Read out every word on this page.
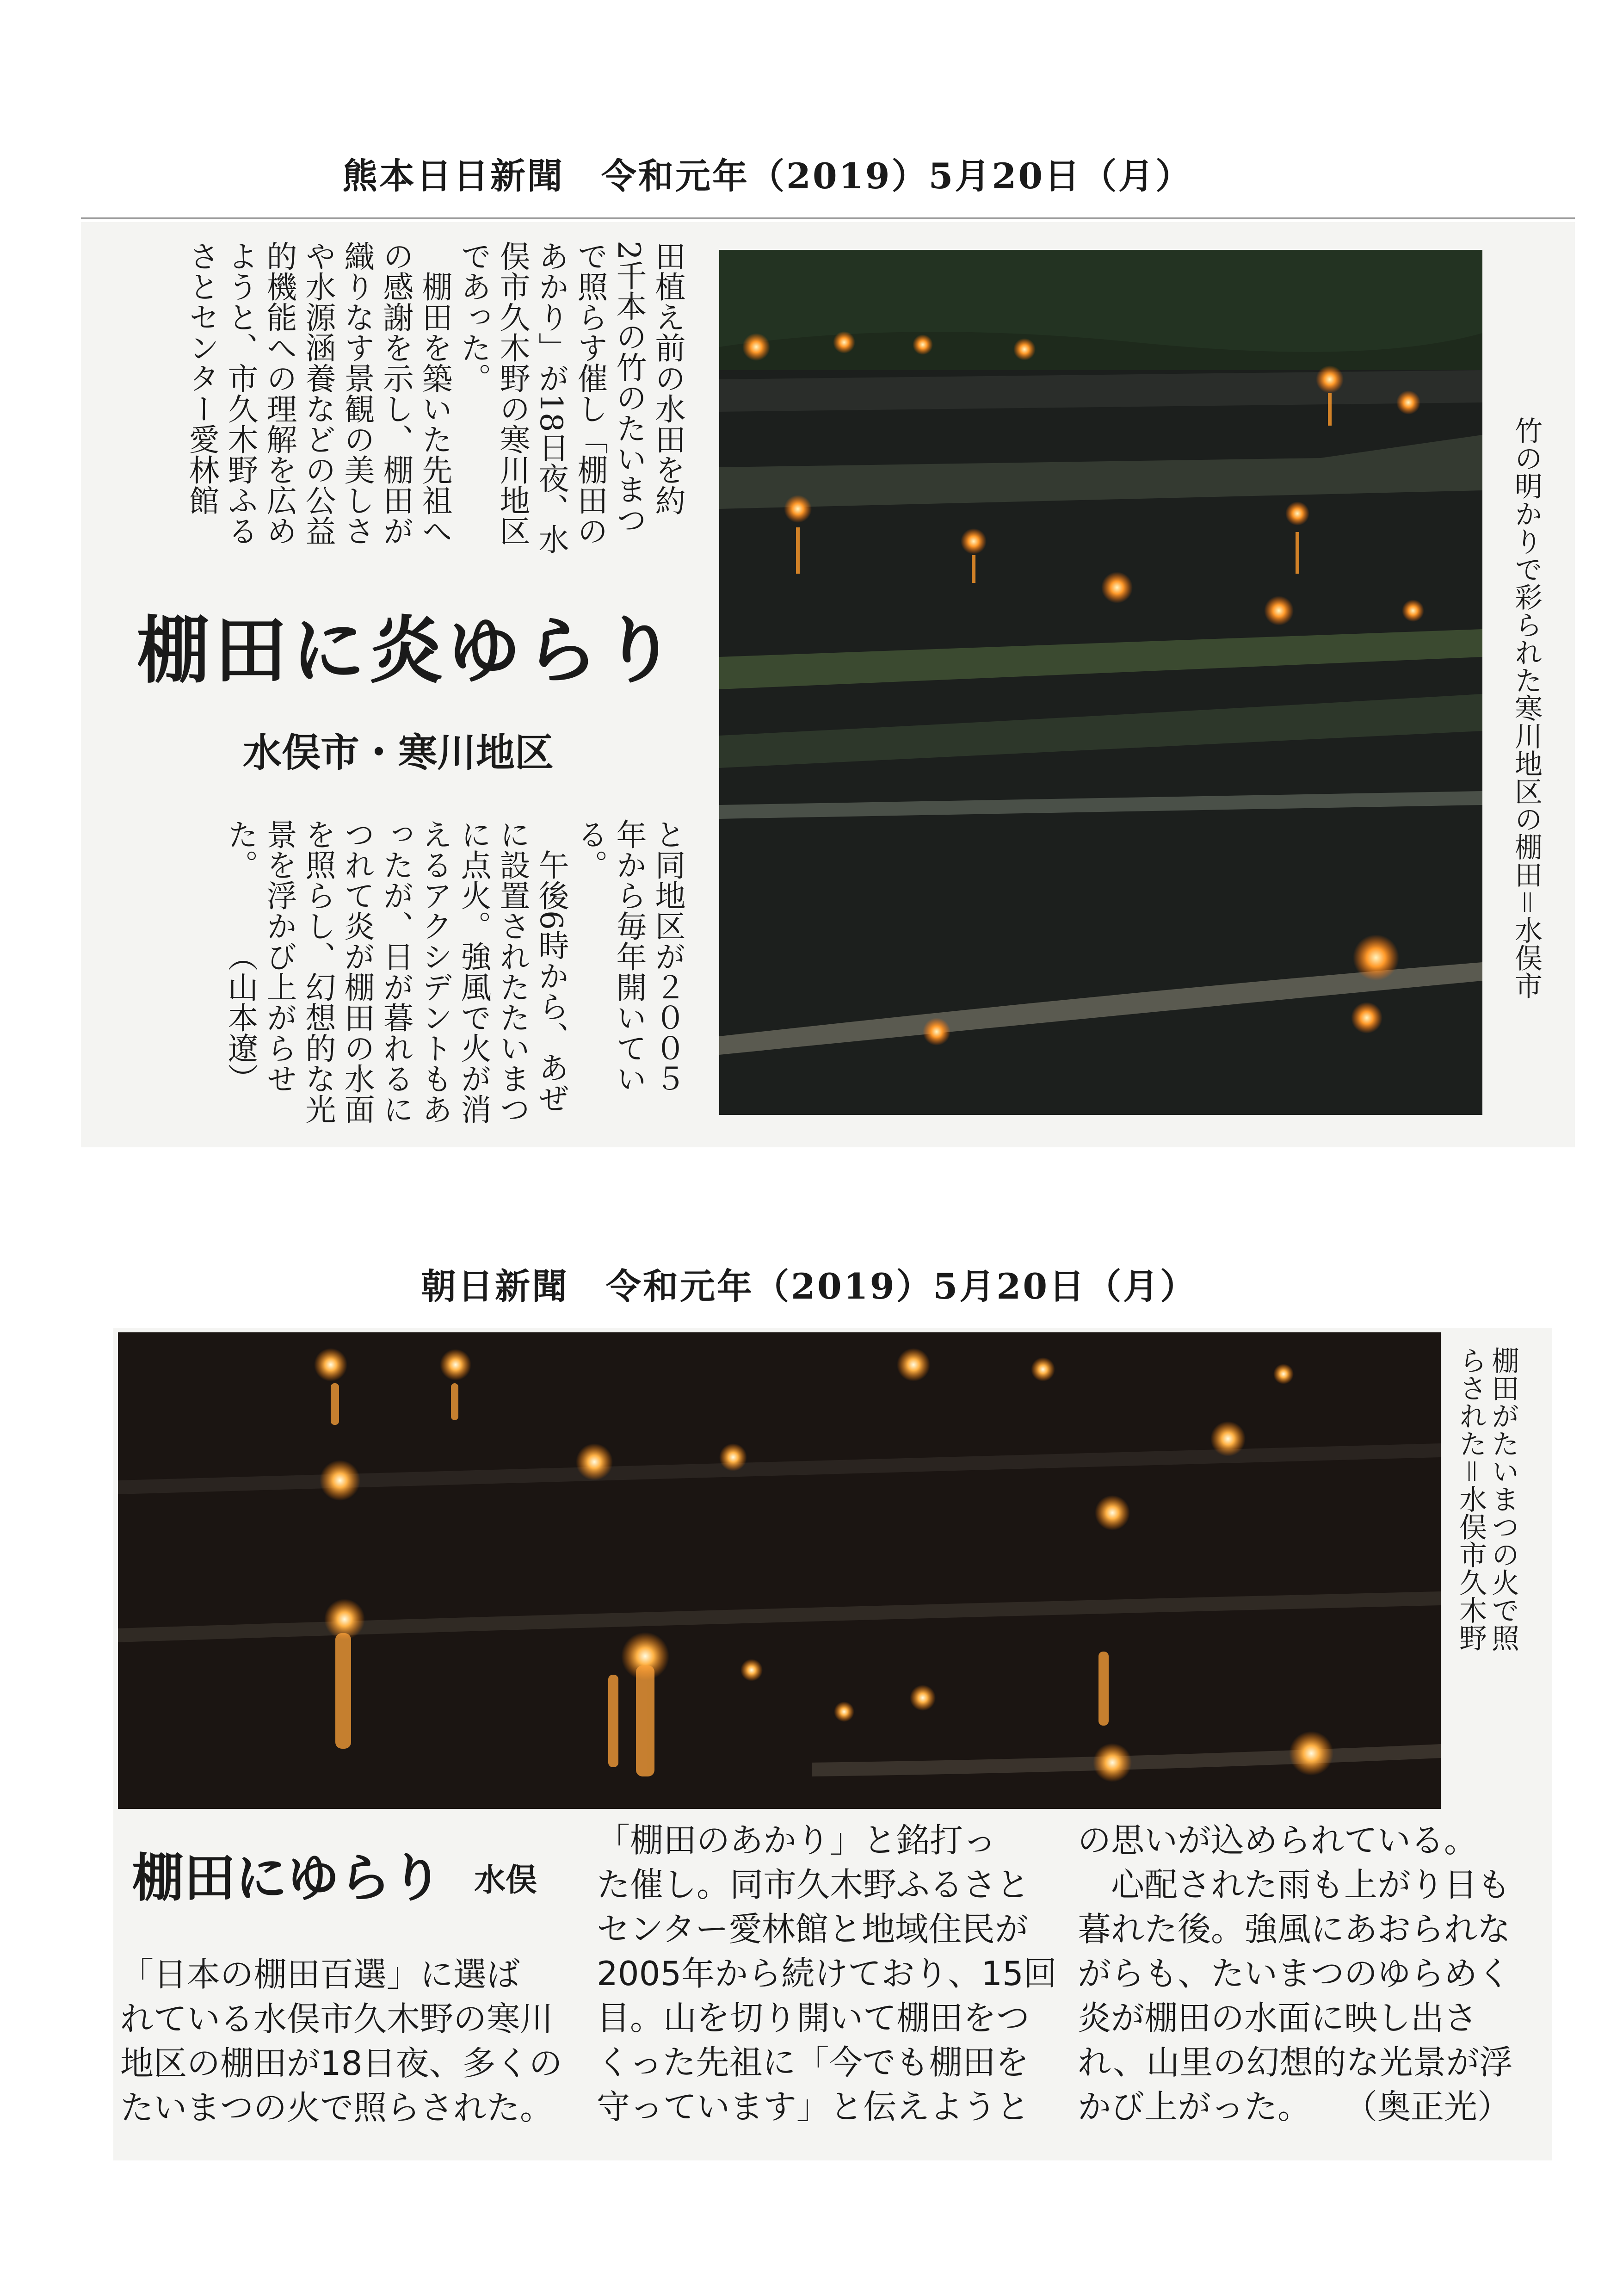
熊本日日新聞　令和元年（2019）5月20日（月）
竹の明かりで彩られた寒川地区の棚田＝水俣市
田植え前の水田を約
2千本の竹のたいまつ
で照らす催し「棚田の
あかり」が18日夜、水
俣市久木野の寒川地区
であった。
　棚田を築いた先祖へ
の感謝を示し、棚田が
織りなす景観の美しさ
や水源涵養などの公益
的機能への理解を広め
ようと、市久木野ふる
さとセンター愛林館
棚田に炎ゆらり
水俣市・寒川地区
と同地区が２００５
年から毎年開いてい
る。
　午後6時から、あぜ
に設置されたたいまつ
に点火。強風で火が消
えるアクシデントもあ
ったが、日が暮れるに
つれて炎が棚田の水面
を照らし、幻想的な光
景を浮かび上がらせ
た。　　　（山本遼）
朝日新聞　令和元年（2019）5月20日（月）
棚田がたいまつの火で照
らされた＝水俣市久木野
棚田にゆらり 水俣
「日本の棚田百選」に選ば
れている水俣市久木野の寒川
地区の棚田が18日夜、多くの
たいまつの火で照らされた。
「棚田のあかり」と銘打っ
た催し。同市久木野ふるさと
センター愛林館と地域住民が
2005年から続けており、15回
目。山を切り開いて棚田をつ
くった先祖に「今でも棚田を
守っています」と伝えようと
の思いが込められている。
　心配された雨も上がり日も
暮れた後。強風にあおられな
がらも、たいまつのゆらめく
炎が棚田の水面に映し出さ
れ、山里の幻想的な光景が浮
かび上がった。　　（奥正光）
